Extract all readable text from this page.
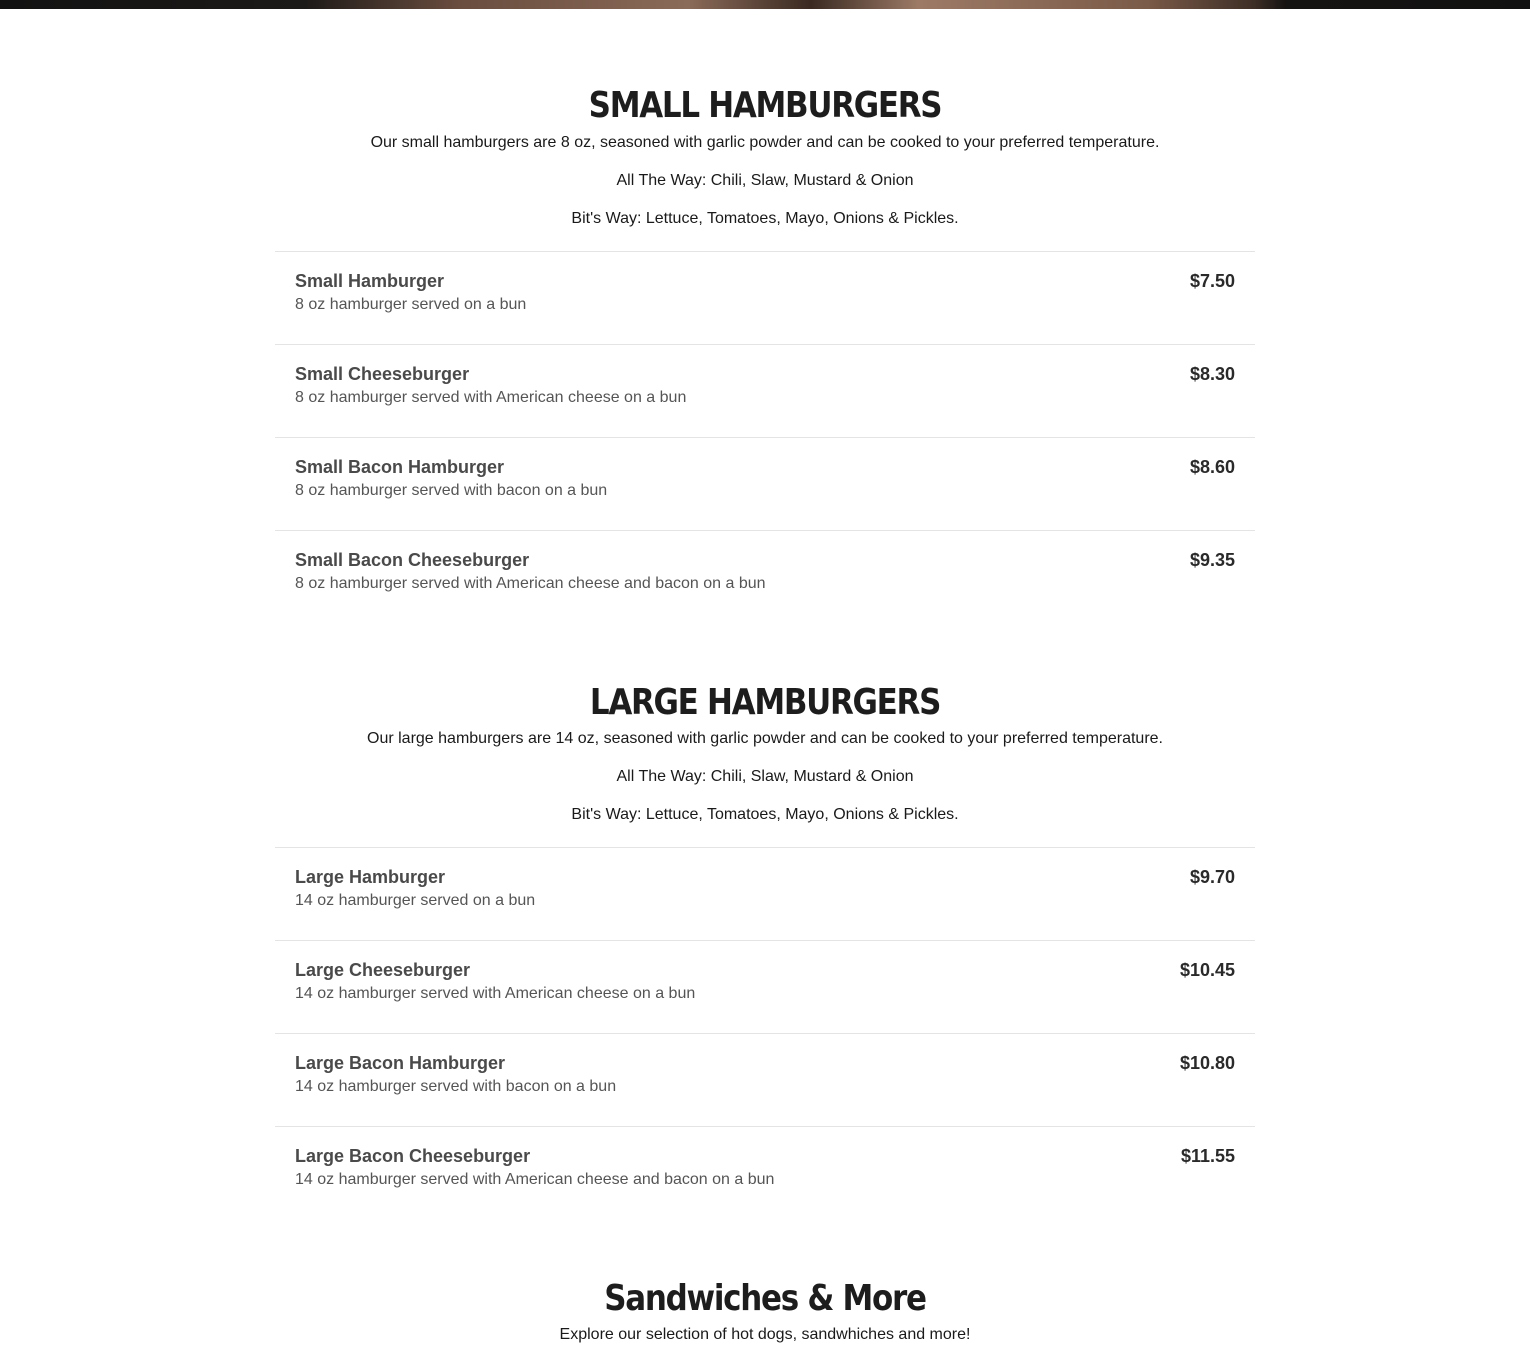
SMALL HAMBURGERS

Our small hamburgers are 8 oz, seasoned with garlic powder and can be cooked to your preferred temperature.

All The Way: Chili, Slaw, Mustard & Onion

Bit's Way: Lettuce, Tomatoes, Mayo, Onions & Pickles.

Small Hamburger
8 oz hamburger served on a bun
$7.50
Small Cheeseburger
8 oz hamburger served with American cheese on a bun
$8.30
Small Bacon Hamburger
8 oz hamburger served with bacon on a bun
$8.60
Small Bacon Cheeseburger
8 oz hamburger served with American cheese and bacon on a bun
$9.35
LARGE HAMBURGERS

Our large hamburgers are 14 oz, seasoned with garlic powder and can be cooked to your preferred temperature.

All The Way: Chili, Slaw, Mustard & Onion

Bit's Way: Lettuce, Tomatoes, Mayo, Onions & Pickles.

Large Hamburger
14 oz hamburger served on a bun
$9.70
Large Cheeseburger
14 oz hamburger served with American cheese on a bun
$10.45
Large Bacon Hamburger
14 oz hamburger served with bacon on a bun
$10.80
Large Bacon Cheeseburger
14 oz hamburger served with American cheese and bacon on a bun
$11.55
Sandwiches & More

Explore our selection of hot dogs, sandwhiches and more!
